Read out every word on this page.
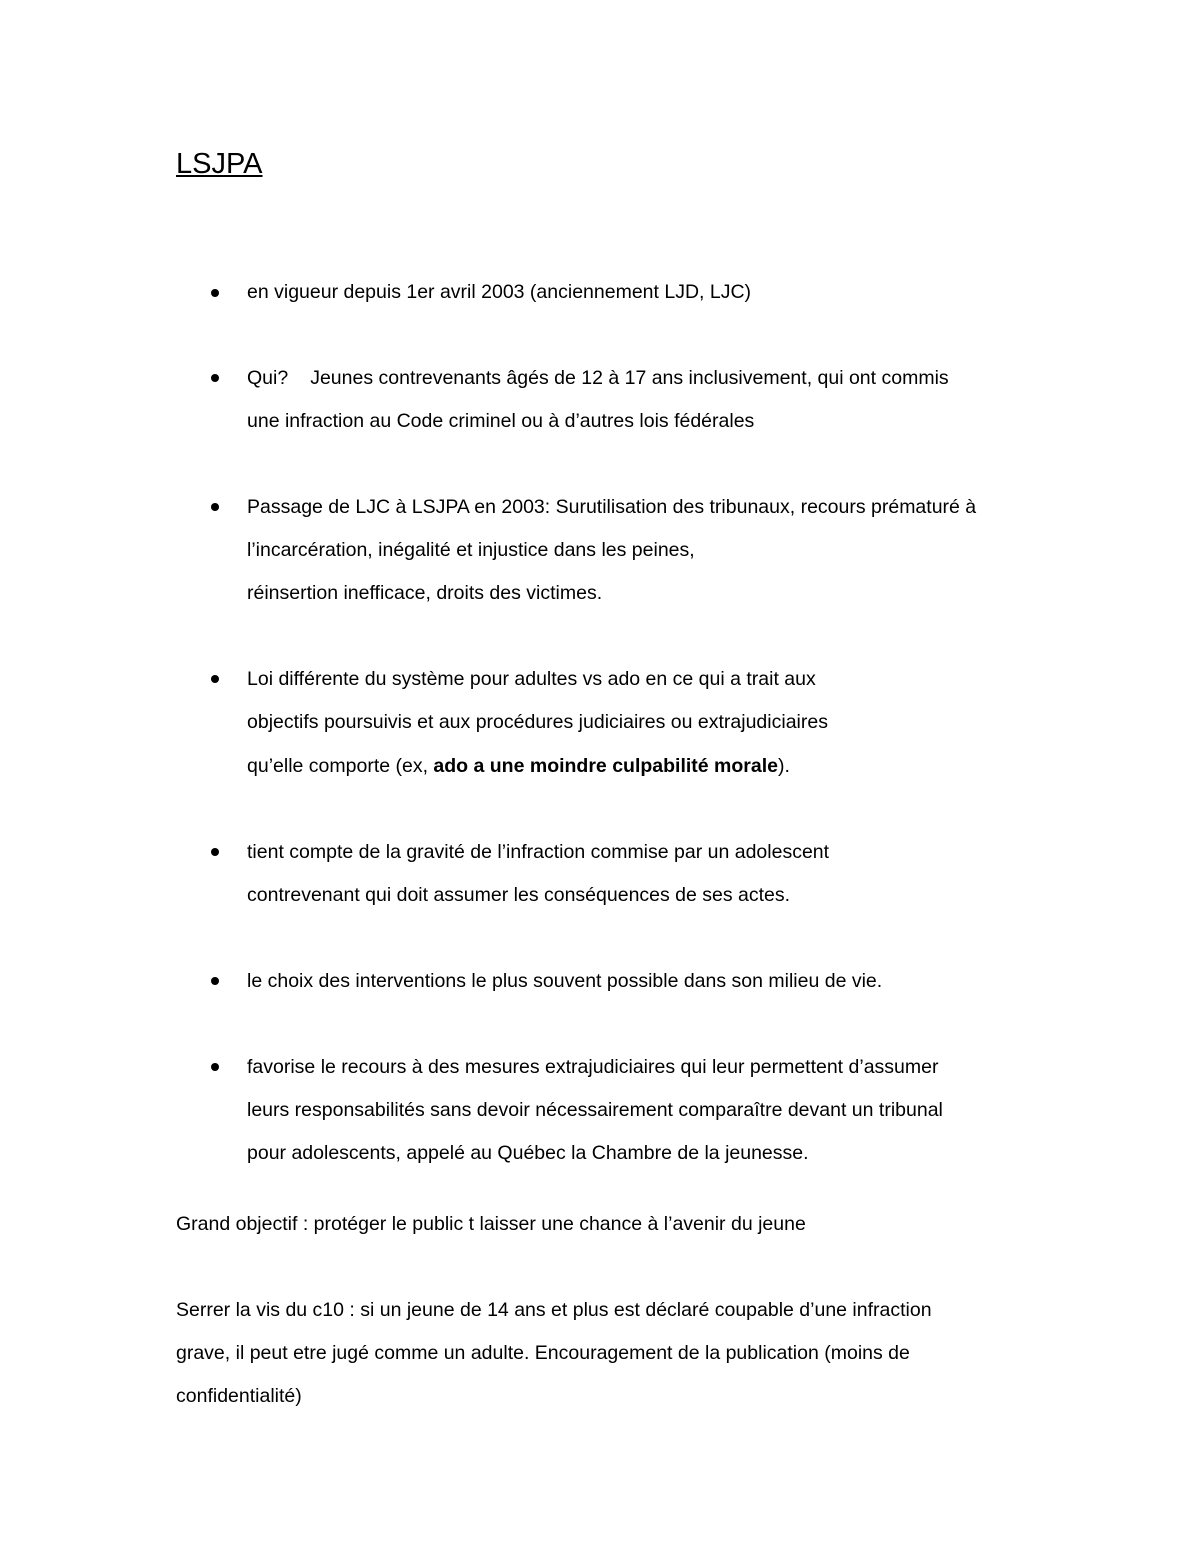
LSJPA
en vigueur depuis 1er avril 2003 (anciennement LJD, LJC)
Qui? Jeunes contrevenants âgés de 12 à 17 ans inclusivement, qui ont commis
une infraction au Code criminel ou à d’autres lois fédérales
Passage de LJC à LSJPA en 2003: Surutilisation des tribunaux, recours prématuré à
l’incarcération, inégalité et injustice dans les peines,
réinsertion inefficace, droits des victimes.
Loi différente du système pour adultes vs ado en ce qui a trait aux
objectifs poursuivis et aux procédures judiciaires ou extrajudiciaires
qu’elle comporte (ex, ado a une moindre culpabilité morale).
tient compte de la gravité de l’infraction commise par un adolescent
contrevenant qui doit assumer les conséquences de ses actes.
le choix des interventions le plus souvent possible dans son milieu de vie.
favorise le recours à des mesures extrajudiciaires qui leur permettent d’assumer
leurs responsabilités sans devoir nécessairement comparaître devant un tribunal
pour adolescents, appelé au Québec la Chambre de la jeunesse.
Grand objectif : protéger le public t laisser une chance à l’avenir du jeune
Serrer la vis du c10 : si un jeune de 14 ans et plus est déclaré coupable d’une infraction
grave, il peut etre jugé comme un adulte. Encouragement de la publication (moins de
confidentialité)
